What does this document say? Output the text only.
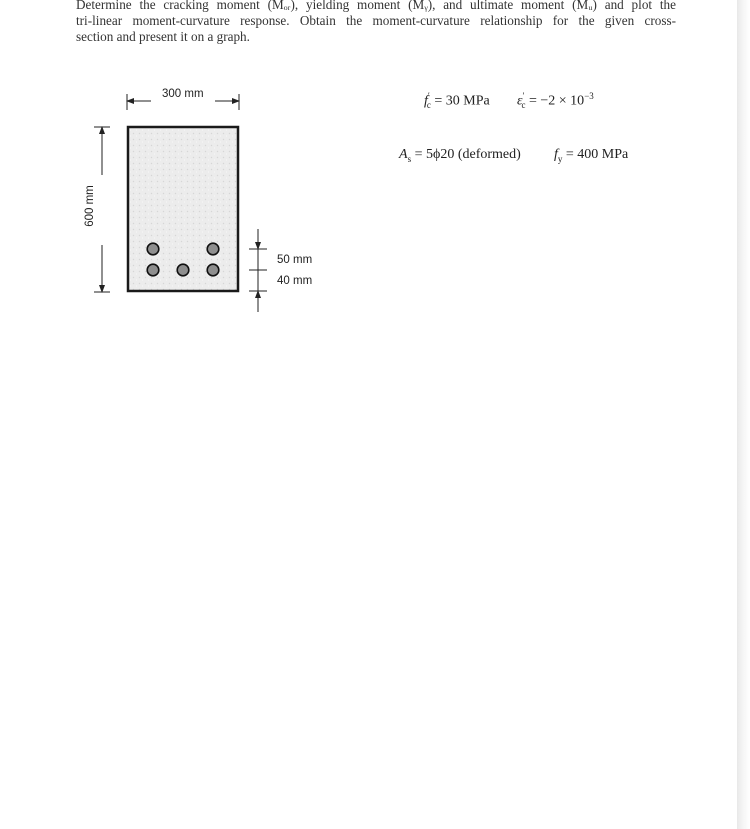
Determine the cracking moment (Mₒᵣ), yielding moment (Mᵧ), and ultimate moment (Mᵤ) and plot the
tri-linear moment-curvature response. Obtain the moment-curvature relationship for the given cross-
section and present it on a graph.
300 mm
600 mm
50 mm
40 mm
$f'_c = 30$ MPa $\varepsilon'_c = -2 \times 10^{-3}$
$A_s = 5\phi 20$ (deformed) $f_y = 400$ MPa
